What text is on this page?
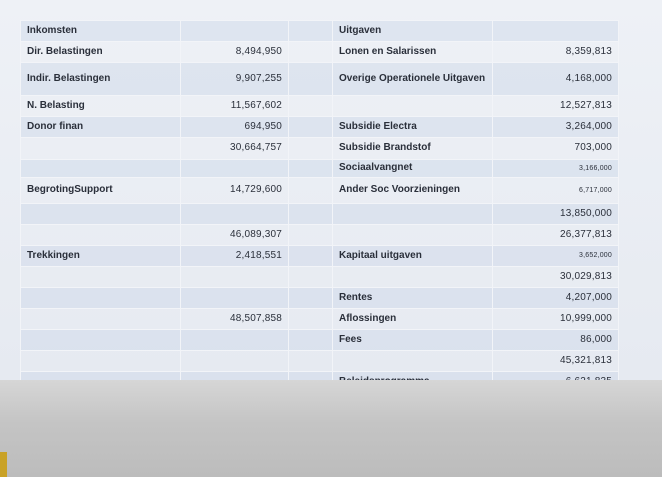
Inkomsten			Uitgaven	
Dir. Belastingen	8,494,950		Lonen en Salarissen	8,359,813
Indir. Belastingen	9,907,255		Overige Operationele Uitgaven	4,168,000
N. Belasting	11,567,602			12,527,813
Donor finan	694,950		Subsidie Electra	3,264,000
	30,664,757		Subsidie Brandstof	703,000
			Sociaalvangnet	3,166,000
BegrotingSupport	14,729,600		Ander Soc Voorzieningen	6,717,000
				13,850,000
	46,089,307			26,377,813
Trekkingen	2,418,551		Kapitaal uitgaven	3,652,000
				30,029,813
			Rentes	4,207,000
	48,507,858		Aflossingen	10,999,000
			Fees	86,000
				45,321,813
